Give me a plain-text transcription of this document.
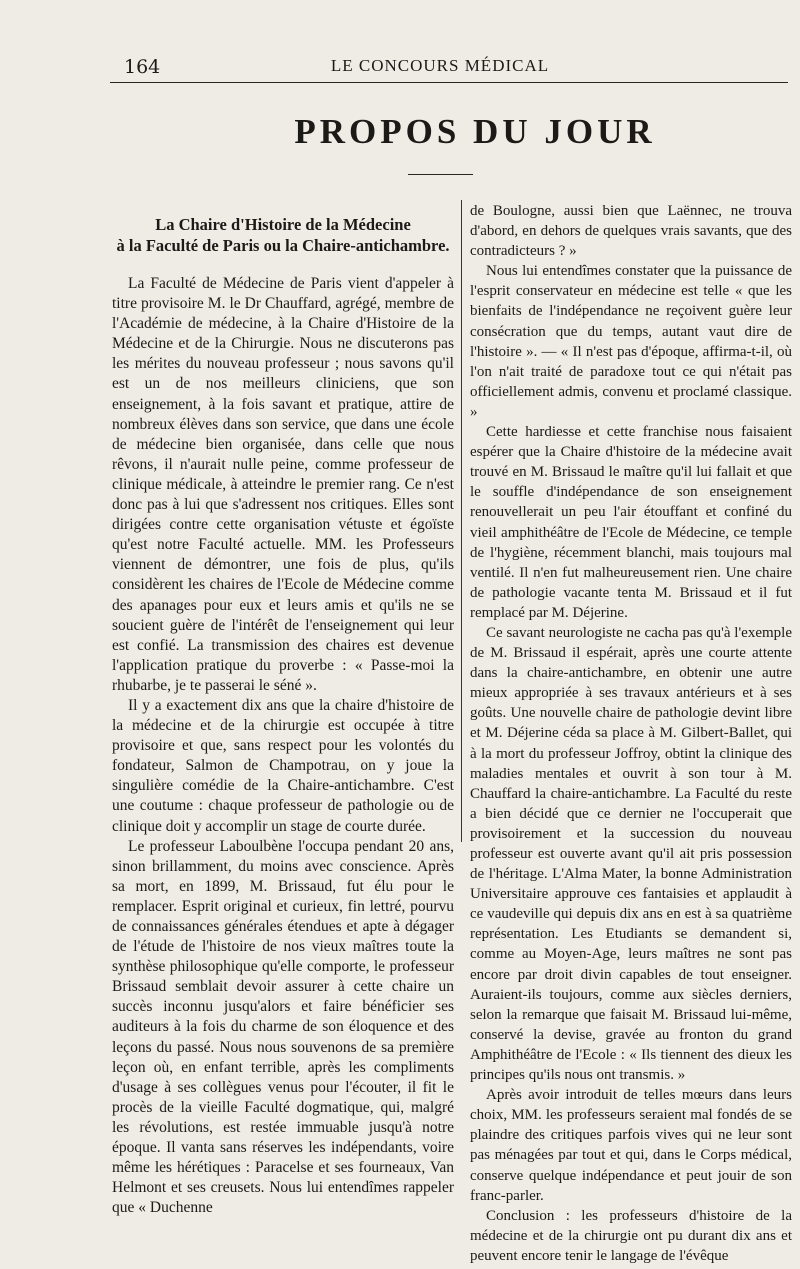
164	LE CONCOURS MÉDICAL
PROPOS DU JOUR
La Chaire d'Histoire de la Médecine
à la Faculté de Paris ou la Chaire-antichambre.

La Faculté de Médecine de Paris vient d'appeler à titre provisoire M. le Dr Chauffard, agrégé, membre de l'Académie de médecine, à la Chaire d'Histoire de la Médecine et de la Chirurgie. Nous ne discuterons pas les mérites du nouveau professeur ; nous savons qu'il est un de nos meilleurs cliniciens, que son enseignement, à la fois savant et pratique, attire de nombreux élèves dans son service, que dans une école de médecine bien organisée, dans celle que nous rêvons, il n'aurait nulle peine, comme professeur de clinique médicale, à atteindre le premier rang. Ce n'est donc pas à lui que s'adressent nos critiques. Elles sont dirigées contre cette organisation vétuste et égoïste qu'est notre Faculté actuelle. MM. les Professeurs viennent de démontrer, une fois de plus, qu'ils considèrent les chaires de l'Ecole de Médecine comme des apanages pour eux et leurs amis et qu'ils ne se soucient guère de l'intérêt de l'enseignement qui leur est confié. La transmission des chaires est devenue l'application pratique du proverbe : « Passe-moi la rhubarbe, je te passerai le séné ».

Il y a exactement dix ans que la chaire d'histoire de la médecine et de la chirurgie est occupée à titre provisoire et que, sans respect pour les volontés du fondateur, Salmon de Champotrau, on y joue la singulière comédie de la Chaire-antichambre. C'est une coutume : chaque professeur de pathologie ou de clinique doit y accomplir un stage de courte durée.

Le professeur Laboulbène l'occupa pendant 20 ans, sinon brillamment, du moins avec conscience. Après sa mort, en 1899, M. Brissaud, fut élu pour le remplacer. Esprit original et curieux, fin lettré, pourvu de connaissances générales étendues et apte à dégager de l'étude de l'histoire de nos vieux maîtres toute la synthèse philosophique qu'elle comporte, le professeur Brissaud semblait devoir assurer à cette chaire un succès inconnu jusqu'alors et faire bénéficier ses auditeurs à la fois du charme de son éloquence et des leçons du passé. Nous nous souvenons de sa première leçon où, en enfant terrible, après les compliments d'usage à ses collègues venus pour l'écouter, il fit le procès de la vieille Faculté dogmatique, qui, malgré les révolutions, est restée immuable jusqu'à notre époque. Il vanta sans réserves les indépendants, voire même les hérétiques : Paracelse et ses fourneaux, Van Helmont et ses creusets. Nous lui entendîmes rappeler que « Duchenne

de Boulogne, aussi bien que Laënnec, ne trouva d'abord, en dehors de quelques vrais savants, que des contradicteurs ? »

Nous lui entendîmes constater que la puissance de l'esprit conservateur en médecine est telle « que les bienfaits de l'indépendance ne reçoivent guère leur consécration que du temps, autant vaut dire de l'histoire ». — « Il n'est pas d'époque, affirma-t-il, où l'on n'ait traité de paradoxe tout ce qui n'était pas officiellement admis, convenu et proclamé classique. »

Cette hardiesse et cette franchise nous faisaient espérer que la Chaire d'histoire de la médecine avait trouvé en M. Brissaud le maître qu'il lui fallait et que le souffle d'indépendance de son enseignement renouvellerait un peu l'air étouffant et confiné du vieil amphithéâtre de l'Ecole de Médecine, ce temple de l'hygiène, récemment blanchi, mais toujours mal ventilé. Il n'en fut malheureusement rien. Une chaire de pathologie vacante tenta M. Brissaud et il fut remplacé par M. Déjerine.

Ce savant neurologiste ne cacha pas qu'à l'exemple de M. Brissaud il espérait, après une courte attente dans la chaire-antichambre, en obtenir une autre mieux appropriée à ses travaux antérieurs et à ses goûts. Une nouvelle chaire de pathologie devint libre et M. Déjerine céda sa place à M. Gilbert-Ballet, qui à la mort du professeur Joffroy, obtint la clinique des maladies mentales et ouvrit à son tour à M. Chauffard la chaire-antichambre. La Faculté du reste a bien décidé que ce dernier ne l'occuperait que provisoirement et la succession du nouveau professeur est ouverte avant qu'il ait pris possession de l'héritage. L'Alma Mater, la bonne Administration Universitaire approuve ces fantaisies et applaudit à ce vaudeville qui depuis dix ans en est à sa quatrième représentation. Les Etudiants se demandent si, comme au Moyen-Age, leurs maîtres ne sont pas encore par droit divin capables de tout enseigner. Auraient-ils toujours, comme aux siècles derniers, selon la remarque que faisait M. Brissaud lui-même, conservé la devise, gravée au fronton du grand Amphithéâtre de l'Ecole : « Ils tiennent des dieux les principes qu'ils nous ont transmis. »

Après avoir introduit de telles mœurs dans leurs choix, MM. les professeurs seraient mal fondés de se plaindre des critiques parfois vives qui ne leur sont pas ménagées par tout et qui, dans le Corps médical, conserve quelque indépendance et peut jouir de son franc-parler.

Conclusion : les professeurs d'histoire de la médecine et de la chirurgie ont pu durant dix ans et peuvent encore tenir le langage de l'évêque
